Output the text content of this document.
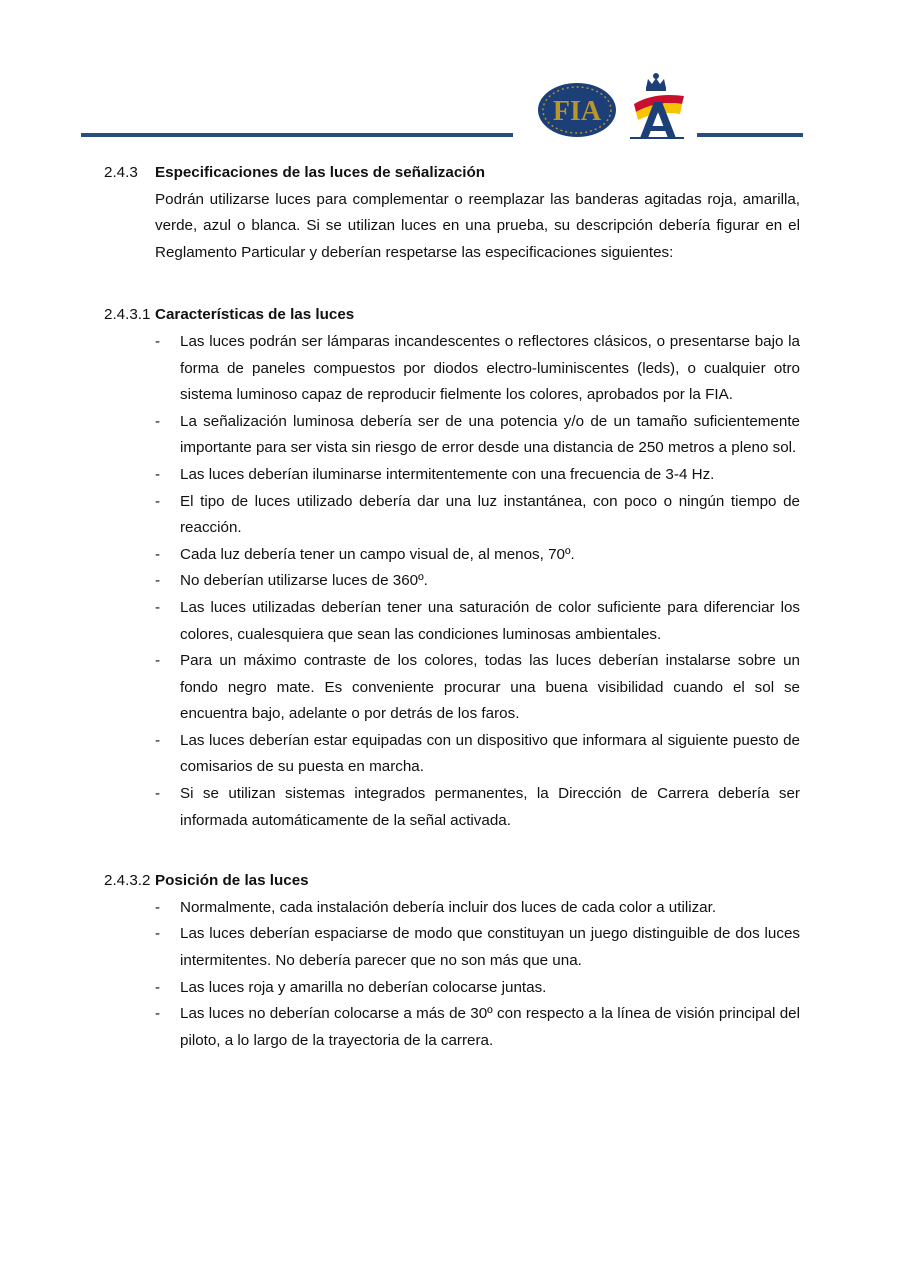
FIA
2.4.3	Especificaciones de las luces de señalización
Podrán utilizarse luces para complementar o reemplazar las banderas agitadas roja, amarilla, verde, azul o blanca. Si se utilizan luces en una prueba, su descripción debería figurar en el Reglamento Particular y deberían respetarse las especificaciones siguientes:
2.4.3.1 Características de las luces
-	Las luces podrán ser lámparas incandescentes o reflectores clásicos, o presentarse bajo la forma de paneles compuestos por diodos electro-luminiscentes (leds), o cualquier otro sistema luminoso capaz de reproducir fielmente los colores, aprobados por la FIA.
-	La señalización luminosa debería ser de una potencia y/o de un tamaño suficientemente importante para ser vista sin riesgo de error desde una distancia de 250 metros a pleno sol.
-	Las luces deberían iluminarse intermitentemente con una frecuencia de 3-4 Hz.
-	El tipo de luces utilizado debería dar una luz instantánea, con poco o ningún tiempo de reacción.
-	Cada luz debería tener un campo visual de, al menos, 70º.
-	No deberían utilizarse luces de 360º.
-	Las luces utilizadas deberían tener una saturación de color suficiente para diferenciar los colores, cualesquiera que sean las condiciones luminosas ambientales.
-	Para un máximo contraste de los colores, todas las luces deberían instalarse sobre un fondo negro mate. Es conveniente procurar una buena visibilidad cuando el sol se encuentra bajo, adelante o por detrás de los faros.
-	Las luces deberían estar equipadas con un dispositivo que informara al siguiente puesto de comisarios de su puesta en marcha.
-	Si se utilizan sistemas integrados permanentes, la Dirección de Carrera debería ser informada automáticamente de la señal activada.
2.4.3.2 Posición de las luces
-	Normalmente, cada instalación debería incluir dos luces de cada color a utilizar.
-	Las luces deberían espaciarse de modo que constituyan un juego distinguible de dos luces intermitentes. No debería parecer que no son más que una.
-	Las luces roja y amarilla no deberían colocarse juntas.
-	Las luces no deberían colocarse a más de 30º con respecto a la línea de visión principal del piloto, a lo largo de la trayectoria de la carrera.
